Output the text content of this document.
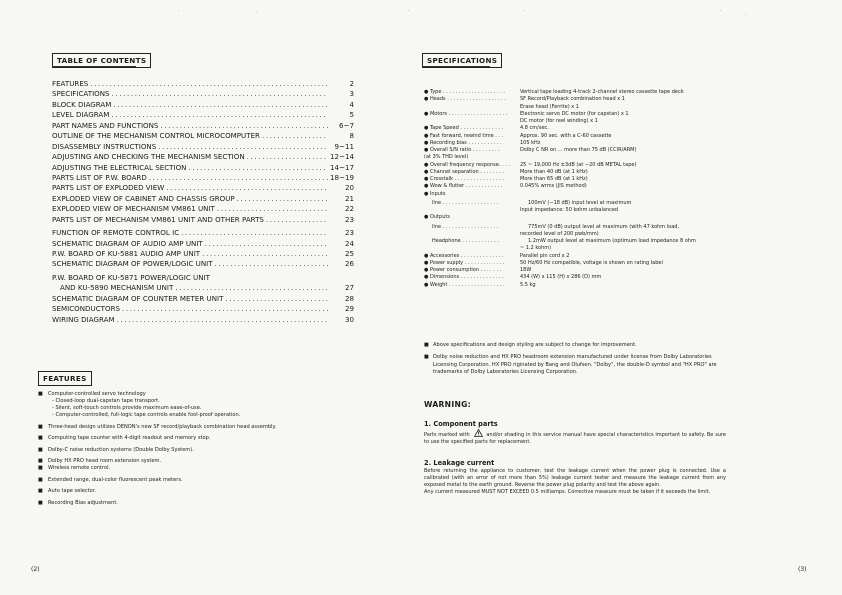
TABLE OF CONTENTS
FEATURES .....	2
SPECIFICATIONS .....	3
BLOCK DIAGRAM .....	4
LEVEL DIAGRAM .....	5
PART NAMES AND FUNCTIONS .....	6~7
OUTLINE OF THE MECHANISM CONTROL MICROCOMPUTER .....	8
DISASSEMBLY INSTRUCTIONS .....	9~11
ADJUSTING AND CHECKING THE MECHANISM SECTION .....	12~14
ADJUSTING THE ELECTRICAL SECTION .....	14~17
PARTS LIST OF P.W. BOARD .....	18~19
PARTS LIST OF EXPLODED VIEW .....	20
EXPLODED VIEW OF CABINET AND CHASSIS GROUP .....	21
EXPLODED VIEW OF MECHANISM VM861 UNIT .....	22
PARTS LIST OF MECHANISM VM861 UNIT AND OTHER PARTS .....	23
FUNCTION OF REMOTE CONTROL IC .....	23
SCHEMATIC DIAGRAM OF AUDIO AMP UNIT .....	24
P.W. BOARD OF KU-5881 AUDIO AMP UNIT .....	25
SCHEMATIC DIAGRAM OF POWER/LOGIC UNIT .....	26
P.W. BOARD OF KU-5871 POWER/LOGIC UNIT
AND KU-5890 MECHANISM UNIT .....	27
SCHEMATIC DIAGRAM OF COUNTER METER UNIT .....	28
SEMICONDUCTORS .....	29
WIRING DIAGRAM .....	30
FEATURES
■ Computer-controlled servo technology
- Closed-loop dual-capstan tape transport.
- Silent, soft-touch controls provide maximum ease-of-use.
- Computer-controlled, full-logic tape controls enable fool-proof operation.
■ Three-head design utilizes DENON's new SF record/playback combination head assembly.
■ Computing tape counter with 4-digit readout and memory stop.
■ Dolby-C noise reduction systems (Double Dolby System).
■ Dolby HX PRO head room extension system.
■ Wireless remote control.
■ Extended range, dual-color fluorescent peak meters.
■ Auto tape selector.
■ Recording Bias adjustment.
(2)
SPECIFICATIONS
● Type . . . . . . . . . . . . . . . . . . . .	Vertical tape loading 4-track 2-channel stereo cassette tape deck
● Heads . . . . . . . . . . . . . . . . . . .	SF Record/Playback combination head x 1
Erase head (Ferrite) x 1
● Motors . . . . . . . . . . . . . . . . . . .	Electronic servo DC motor (for capstan) x 1
DC motor (for reel winding) x 1
● Tape Speed . . . . . . . . . . . . . .	4.8 cm/sec.
● Fast forward, rewind time . . .	Approx. 90 sec. with a C-60 cassette
● Recording bias . . . . . . . . . . .	105 kHz
● Overall S/N ratio . . . . . . . . .	Dolby C NR on ... more than 75 dB (CCIR/ARM)
(at 3% THD level)
● Overall frequency response. . . .	25 ~ 19,000 Hz ±3dB (at −20 dB METAL tape)
● Channel separation . . . . . . . .	More than 40 dB (at 1 kHz)
● Crosstalk . . . . . . . . . . . . . . . .	More than 65 dB (at 1 kHz)
● Wow & flutter . . . . . . . . . . . .	0.045% wrms (JIS method)
● Inputs
line . . . . . . . . . . . . . . . . . .	100mV (−18 dB) input level at maximum
Input impedance: 50 kohm unbalanced
● Outputs
line . . . . . . . . . . . . . . . . . .	775mV (0 dB) output level at maximum (with 47 kohm load,
recorded level of 200 pwb/mm)
Headphone . . . . . . . . . . . .	1.2mW output level at maximum (optimum load impedance 8 ohm
~ 1.2 kohm)
● Accessories . . . . . . . . . . . . . .	Parallel pin cord x 2
● Power supply . . . . . . . . . . . . .	50 Hz/60 Hz compatible, voltage is shown on rating label
● Power consumption . . . . . . .	18W
● Dimensions . . . . . . . . . . . . . .	434 (W) x 115 (H) x 286 (D) mm
● Weight . . . . . . . . . . . . . . . . . .	5.5 kg
■ Above specifications and design styling are subject to change for improvement.
■ Dolby noise reduction and HX PRO headroom extension manufactured under license from Dolby Laboratories Licensing Corporation. HX PRO riginated by Bang and Olufsen. "Dolby", the double-D symbol and "HX PRO" are trademarks of Dolby Laboratories Licensing Corporation.
WARNING:
1. Component parts

Parts marked with	and/or shading in this service manual have special characteristics important to safety. Be sure to use the specified parts for replacement.

2. Leakage current

Before returning the appliance to customer, test the leakage current when the power plug is connected. Use a calibrated (with an error of not more than 5%) leakage current tester and measure the leakage current from any exposed metal to the earth ground. Reverse the power plug polarity and test the above again.

Any current measured MUST NOT EXCEED 0.5 milliamps. Corrective measure must be taken if it exceeds the limit.

(3)
·	·	·	·	·
·
